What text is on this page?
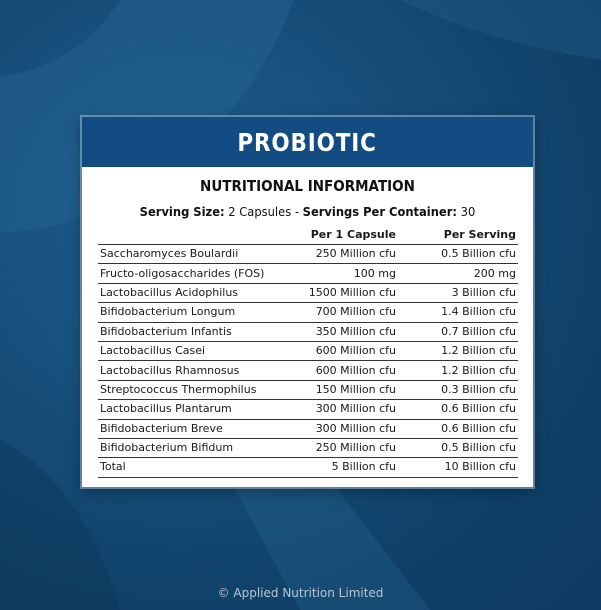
PROBIOTIC
NUTRITIONAL INFORMATION
Serving Size: 2 Capsules - Servings Per Container: 30
	Per 1 Capsule	Per Serving
Saccharomyces Boulardii	250 Million cfu	0.5 Billion cfu
Fructo-oligosaccharides (FOS)	100 mg	200 mg
Lactobacillus Acidophilus	1500 Million cfu	3 Billion cfu
Bifidobacterium Longum	700 Million cfu	1.4 Billion cfu
Bifidobacterium Infantis	350 Million cfu	0.7 Billion cfu
Lactobacillus Casei	600 Million cfu	1.2 Billion cfu
Lactobacillus Rhamnosus	600 Million cfu	1.2 Billion cfu
Streptococcus Thermophilus	150 Million cfu	0.3 Billion cfu
Lactobacillus Plantarum	300 Million cfu	0.6 Billion cfu
Bifidobacterium Breve	300 Million cfu	0.6 Billion cfu
Bifidobacterium Bifidum	250 Million cfu	0.5 Billion cfu
Total	5 Billion cfu	10 Billion cfu
© Applied Nutrition Limited
